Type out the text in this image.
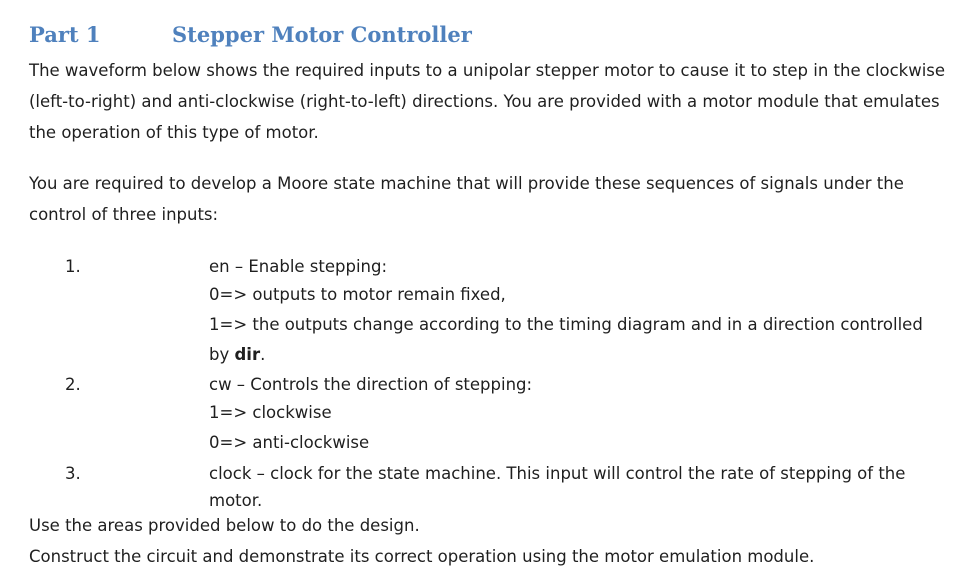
Part 1	Stepper Motor Controller
The waveform below shows the required inputs to a unipolar stepper motor to cause it to step in the clockwise (left-to-right) and anti-clockwise (right-to-left) directions. You are provided with a motor module that emulates the operation of this type of motor.
You are required to develop a Moore state machine that will provide these sequences of signals under the control of three inputs:
1.	en – Enable stepping:
0=> outputs to motor remain fixed,
1=> the outputs change according to the timing diagram and in a direction controlled by dir.
2.	cw – Controls the direction of stepping:
1=> clockwise
0=> anti-clockwise
3.	clock – clock for the state machine. This input will control the rate of stepping of the motor.
Use the areas provided below to do the design.
Construct the circuit and demonstrate its correct operation using the motor emulation module.
